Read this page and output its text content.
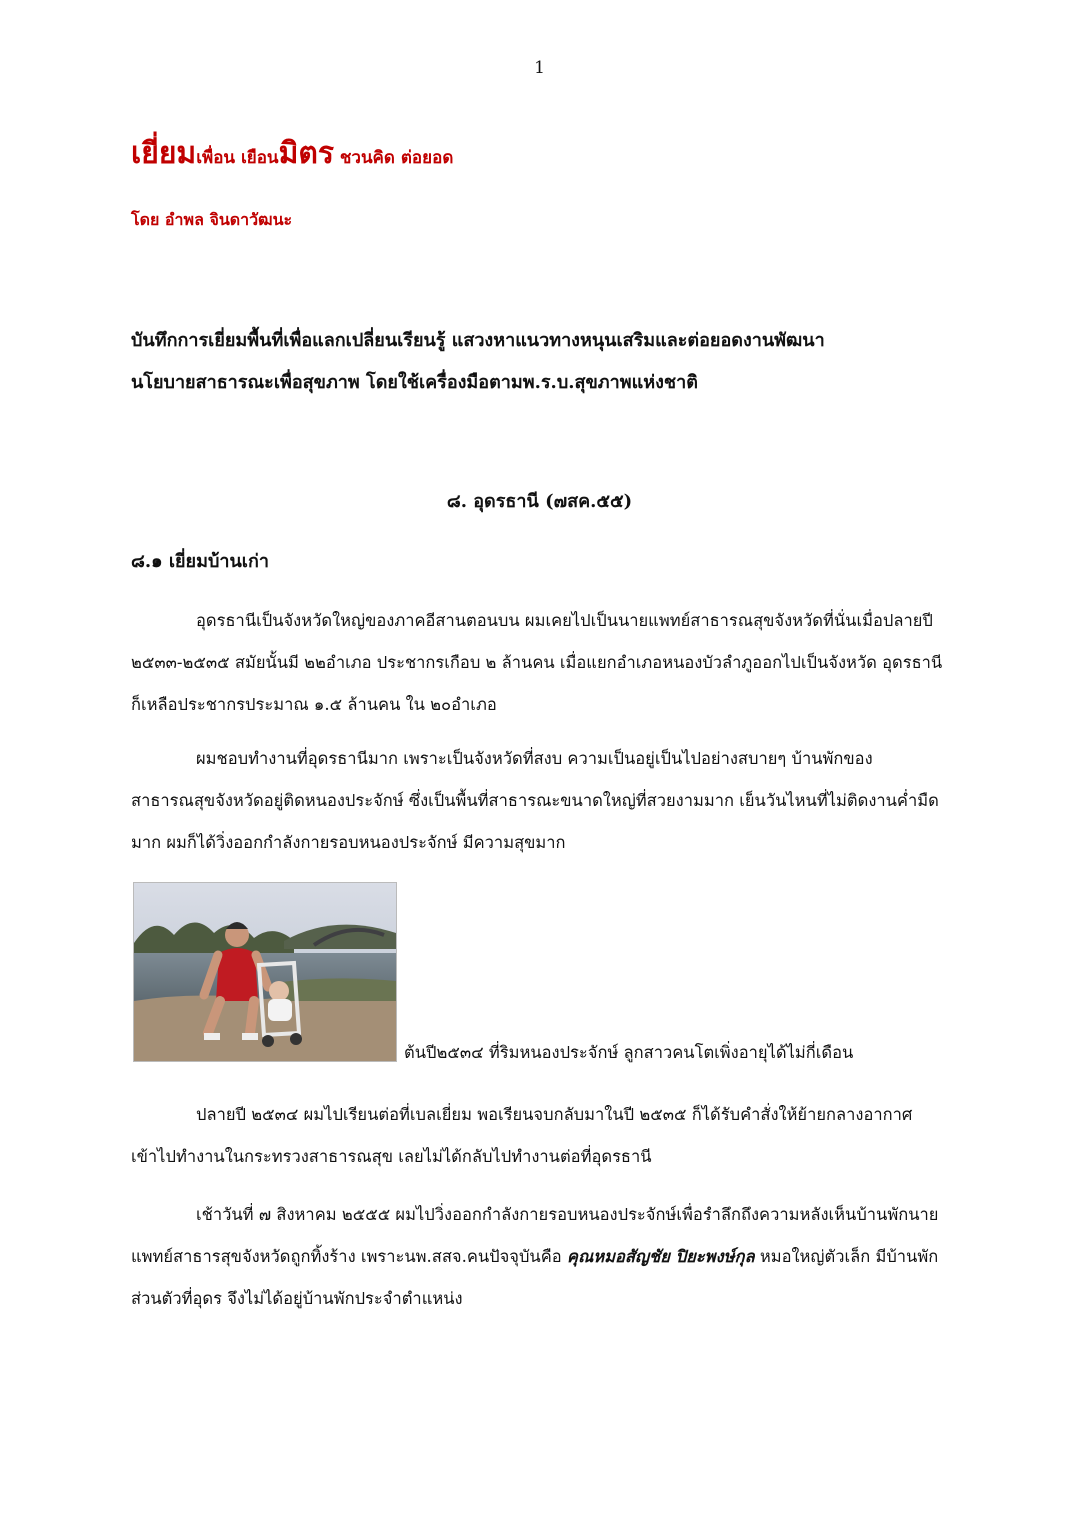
1
เยี่ยมเพื่อน เยือนมิตร ชวนคิด ต่อยอด
โดย อำพล จินดาวัฒนะ

บันทึกการเยี่ยมพื้นที่เพื่อแลกเปลี่ยนเรียนรู้ แสวงหาแนวทางหนุนเสริมและต่อยอดงานพัฒนา

นโยบายสาธารณะเพื่อสุขภาพ โดยใช้เครื่องมือตามพ.ร.บ.สุขภาพแห่งชาติ

๘. อุดรธานี (๗สค.๕๕)
๘.๑ เยี่ยมบ้านเก่า

อุดรธานีเป็นจังหวัดใหญ่ของภาคอีสานตอนบน ผมเคยไปเป็นนายแพทย์สาธารณสุขจังหวัดที่นั่นเมื่อปลายปี ๒๕๓๓-๒๕๓๕ สมัยนั้นมี ๒๒อำเภอ ประชากรเกือบ ๒ ล้านคน เมื่อแยกอำเภอหนองบัวลำภูออกไปเป็นจังหวัด อุดรธานีก็เหลือประชากรประมาณ ๑.๕ ล้านคน ใน ๒๐อำเภอ

ผมชอบทำงานที่อุดรธานีมาก เพราะเป็นจังหวัดที่สงบ ความเป็นอยู่เป็นไปอย่างสบายๆ บ้านพักของสาธารณสุขจังหวัดอยู่ติดหนองประจักษ์ ซึ่งเป็นพื้นที่สาธารณะขนาดใหญ่ที่สวยงามมาก เย็นวันไหนที่ไม่ติดงานค่ำมืดมาก ผมก็ได้วิ่งออกกำลังกายรอบหนองประจักษ์ มีความสุขมาก

ต้นปี๒๕๓๔ ที่ริมหนองประจักษ์ ลูกสาวคนโตเพิ่งอายุได้ไม่กี่เดือน

ปลายปี ๒๕๓๔ ผมไปเรียนต่อที่เบลเยี่ยม พอเรียนจบกลับมาในปี ๒๕๓๕ ก็ได้รับคำสั่งให้ย้ายกลางอากาศเข้าไปทำงานในกระทรวงสาธารณสุข เลยไม่ได้กลับไปทำงานต่อที่อุดรธานี

เช้าวันที่ ๗ สิงหาคม ๒๕๕๕ ผมไปวิ่งออกกำลังกายรอบหนองประจักษ์เพื่อรำลึกถึงความหลังเห็นบ้านพักนายแพทย์สาธารสุขจังหวัดถูกทิ้งร้าง เพราะนพ.สสจ.คนปัจจุบันคือ คุณหมอสัญชัย ปิยะพงษ์กุล หมอใหญ่ตัวเล็ก มีบ้านพักส่วนตัวที่อุดร จึงไม่ได้อยู่บ้านพักประจำตำแหน่ง
